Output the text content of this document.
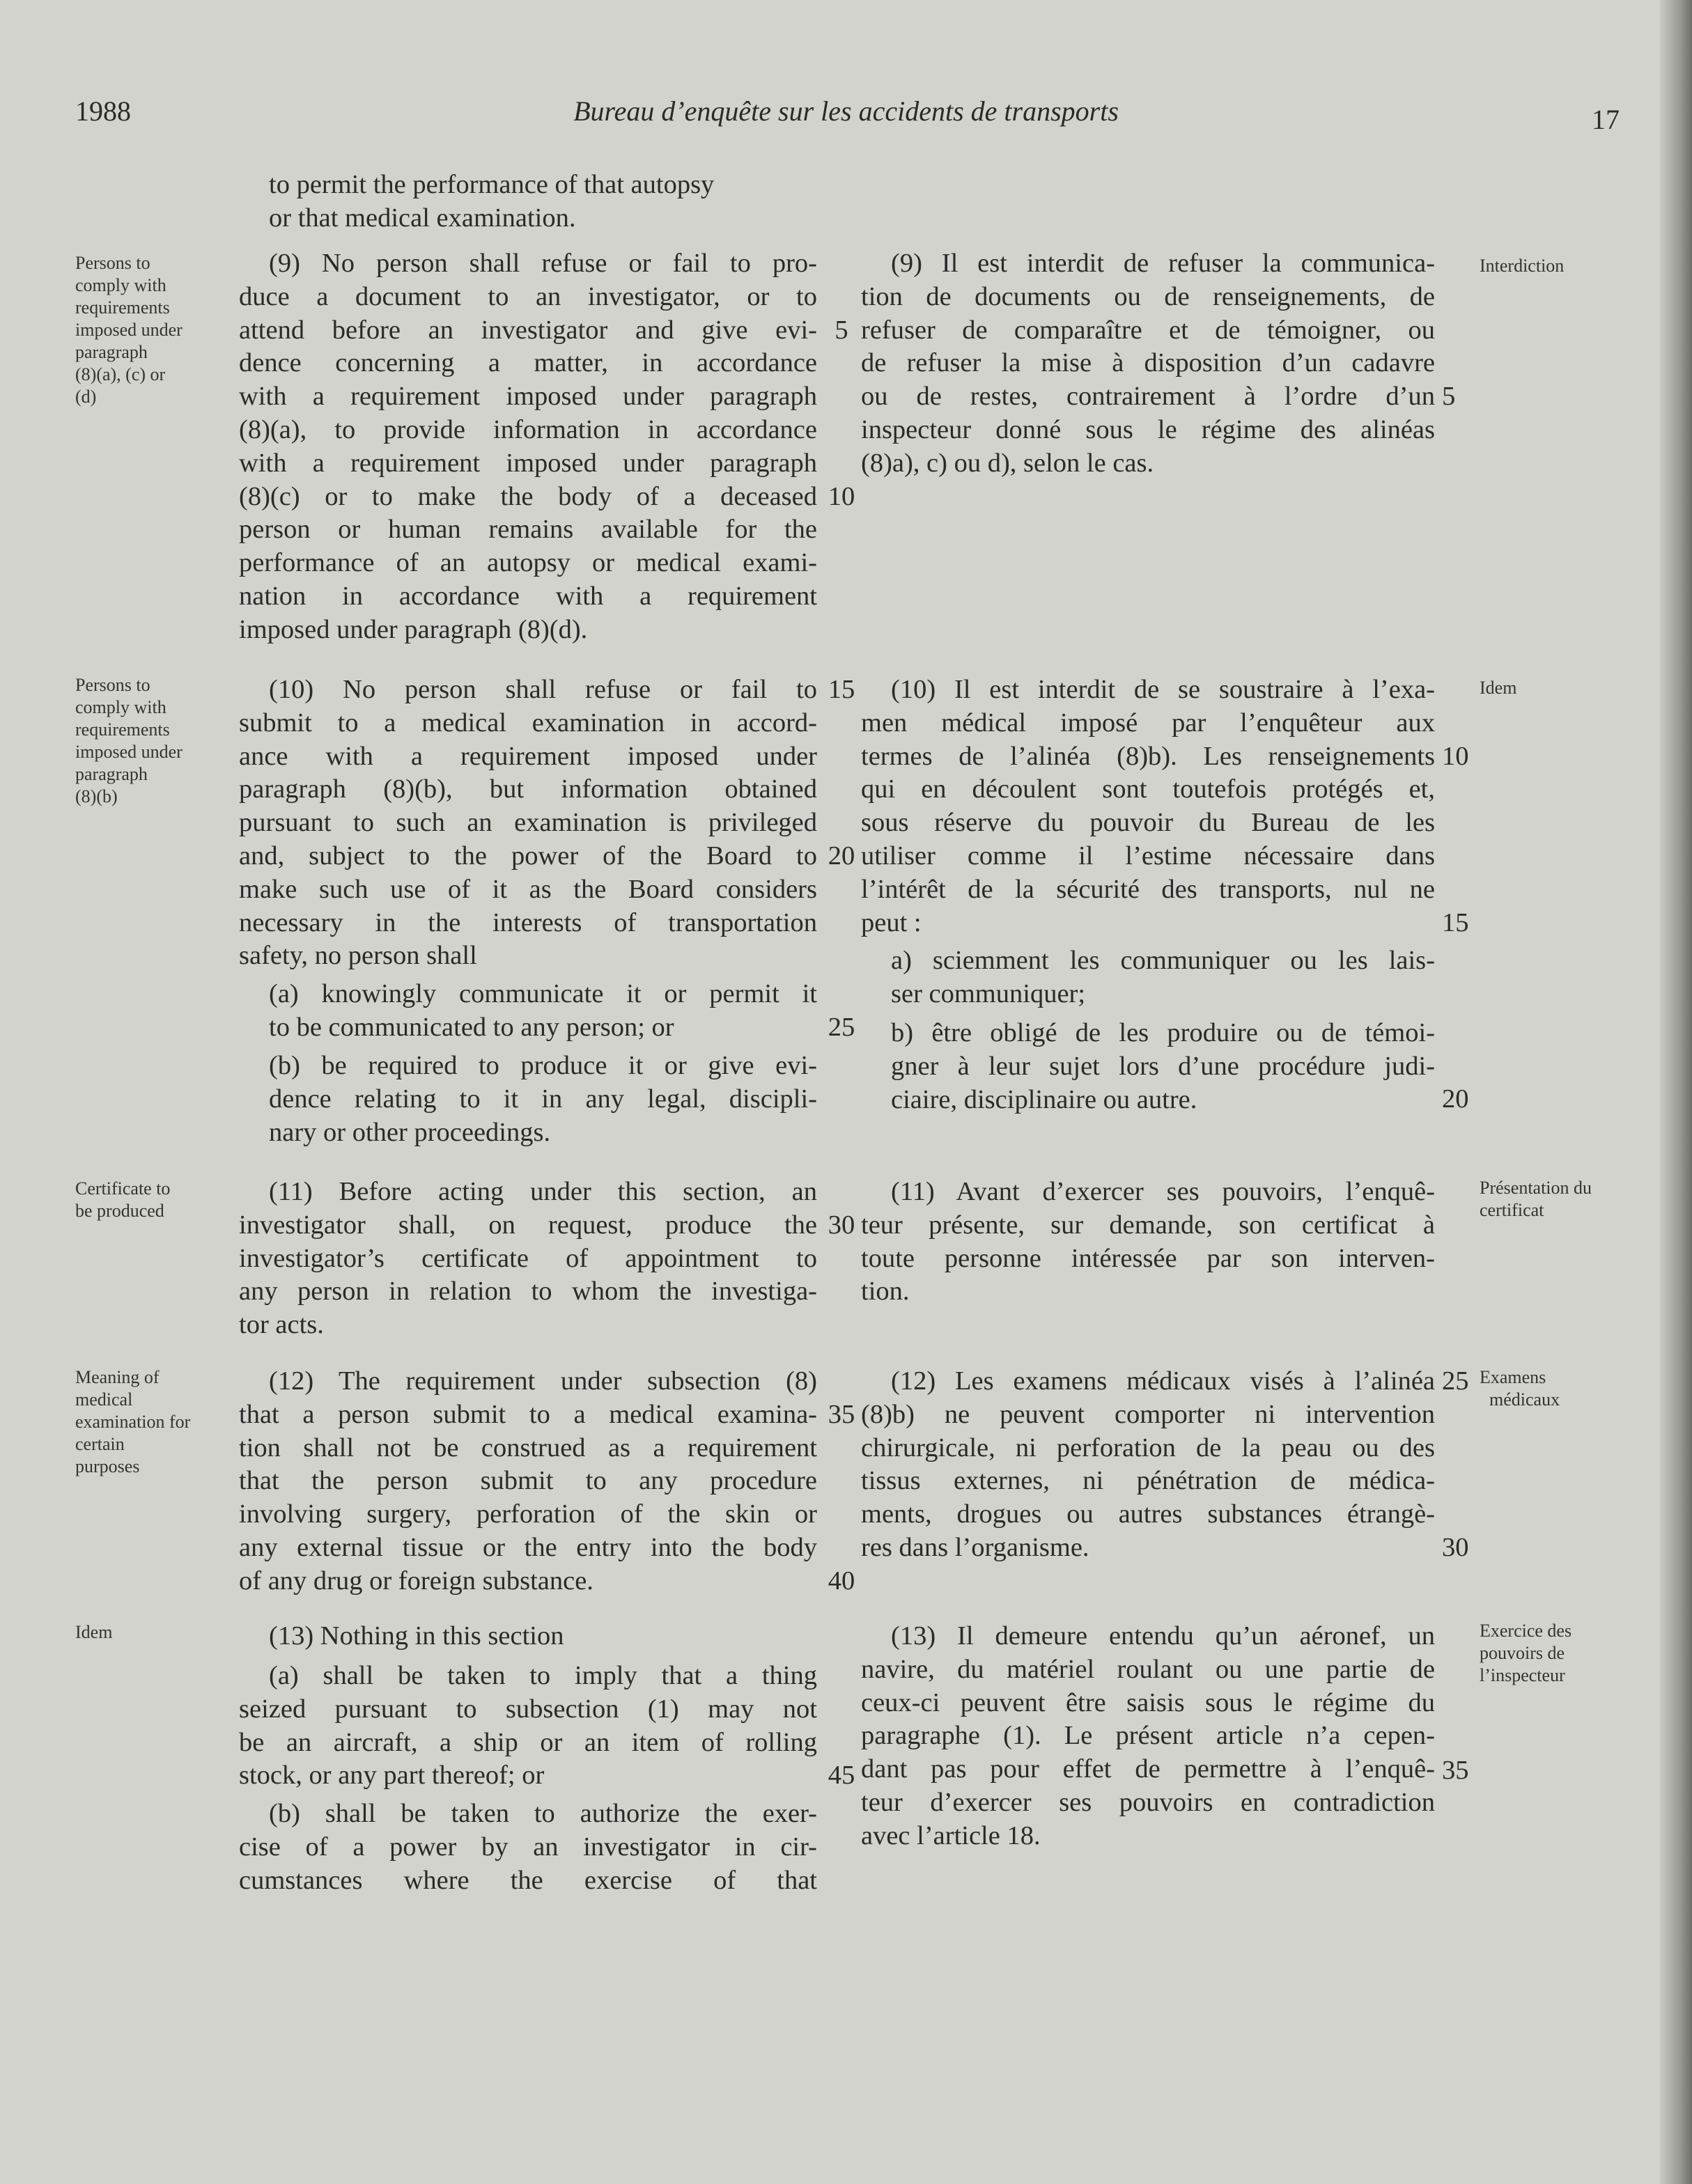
1988	Bureau d’enquête sur les accidents de transports	17
to permit the performance of that autopsy
or that medical examination.
(9) No person shall refuse or fail to pro-
duce a document to an investigator, or to
attend before an investigator and give evi-
dence concerning a matter, in accordance
with a requirement imposed under paragraph
(8)(a), to provide information in accordance
with a requirement imposed under paragraph
(8)(c) or to make the body of a deceased
person or human remains available for the
performance of an autopsy or medical exami-
nation in accordance with a requirement
imposed under paragraph (8)(d).
(10) No person shall refuse or fail to
submit to a medical examination in accord-
ance with a requirement imposed under
paragraph (8)(b), but information obtained
pursuant to such an examination is privileged
and, subject to the power of the Board to
make such use of it as the Board considers
necessary in the interests of transportation
safety, no person shall
(a) knowingly communicate it or permit it
to be communicated to any person; or
(b) be required to produce it or give evi-
dence relating to it in any legal, discipli-
nary or other proceedings.
(11) Before acting under this section, an
investigator shall, on request, produce the
investigator’s certificate of appointment to
any person in relation to whom the investiga-
tor acts.
(12) The requirement under subsection (8)
that a person submit to a medical examina-
tion shall not be construed as a requirement
that the person submit to any procedure
involving surgery, perforation of the skin or
any external tissue or the entry into the body
of any drug or foreign substance.
(13) Nothing in this section
(a) shall be taken to imply that a thing
seized pursuant to subsection (1) may not
be an aircraft, a ship or an item of rolling
stock, or any part thereof; or
(b) shall be taken to authorize the exer-
cise of a power by an investigator in cir-
cumstances where the exercise of that
(9) Il est interdit de refuser la communica-
tion de documents ou de renseignements, de
refuser de comparaître et de témoigner, ou
de refuser la mise à disposition d’un cadavre
ou de restes, contrairement à l’ordre d’un
inspecteur donné sous le régime des alinéas
(8)a), c) ou d), selon le cas.
(10) Il est interdit de se soustraire à l’exa-
men médical imposé par l’enquêteur aux
termes de l’alinéa (8)b). Les renseignements
qui en découlent sont toutefois protégés et,
sous réserve du pouvoir du Bureau de les
utiliser comme il l’estime nécessaire dans
l’intérêt de la sécurité des transports, nul ne
peut :
a) sciemment les communiquer ou les lais-
ser communiquer;
b) être obligé de les produire ou de témoi-
gner à leur sujet lors d’une procédure judi-
ciaire, disciplinaire ou autre.
(11) Avant d’exercer ses pouvoirs, l’enquê-
teur présente, sur demande, son certificat à
toute personne intéressée par son interven-
tion.
(12) Les examens médicaux visés à l’alinéa
(8)b) ne peuvent comporter ni intervention
chirurgicale, ni perforation de la peau ou des
tissus externes, ni pénétration de médica-
ments, drogues ou autres substances étrangè-
res dans l’organisme.
(13) Il demeure entendu qu’un aéronef, un
navire, du matériel roulant ou une partie de
ceux-ci peuvent être saisis sous le régime du
paragraphe (1). Le présent article n’a cepen-
dant pas pour effet de permettre à l’enquê-
teur d’exercer ses pouvoirs en contradiction
avec l’article 18.
Persons to
comply with
requirements
imposed under
paragraph
(8)(a), (c) or
(d)
Persons to
comply with
requirements
imposed under
paragraph
(8)(b)
Certificate to
be produced
Meaning of
medical
examination for
certain
purposes
Idem
Interdiction
Idem
Présentation du
certificat
Examens
médicaux
Exercice des
pouvoirs de
l’inspecteur
5
10
15
20
25
30
35
40
45
5
10
15
20
25
30
35
